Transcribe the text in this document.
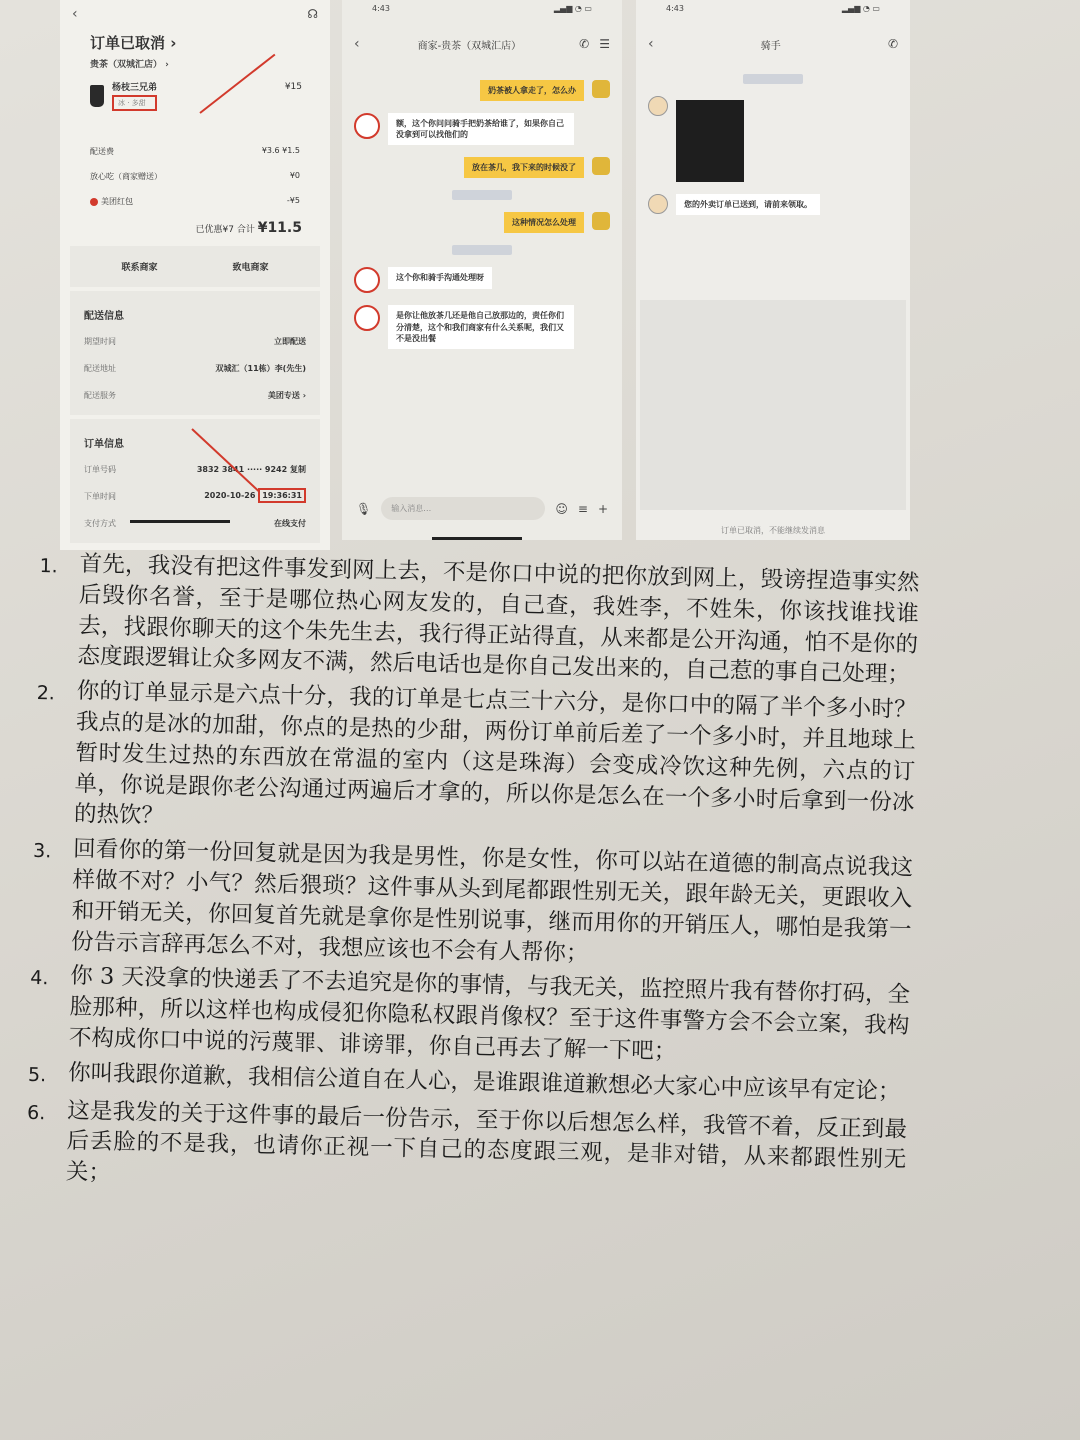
‹	☊
订单已取消 ›
贵茶（双城汇店） ›
杨枝三兄弟
冰 · 多甜
¥15
配送费	¥3.6 ¥1.5
放心吃（商家赠送）	¥0
美团红包	-¥5
已优惠¥7 合计 ¥11.5
联系商家	致电商家
配送信息
期望时间	立即配送
配送地址	双城汇（11栋）李(先生)
配送服务	美团专送 ›
订单信息
订单号码	3832 3841 ····· 9242 复制
下单时间	2020-10-26 19:36:31
支付方式	在线支付
4:43	▂▄▆ ◔ ▭
‹	商家-贵茶（双城汇店）	✆ ☰
奶茶被人拿走了，怎么办
额，这个你问问骑手把奶茶给谁了，如果你自己没拿到可以找他们的
放在茶几，我下来的时候没了
这种情况怎么处理
这个你和骑手沟通处理呀
是你让他放茶几还是他自己放那边的，责任你们分清楚，这个和我们商家有什么关系呢，我们又不是没出餐
🎙	输入消息…	☺ ≡ +
4:43	▂▄▆ ◔ ▭
‹	骑手	✆
您的外卖订单已送到，请前来领取。
订单已取消，不能继续发消息
1. 首先，我没有把这件事发到网上去，不是你口中说的把你放到网上，毁谤捏造事实然后毁你名誉，至于是哪位热心网友发的，自己查，我姓李，不姓朱，你该找谁找谁去，找跟你聊天的这个朱先生去，我行得正站得直，从来都是公开沟通，怕不是你的态度跟逻辑让众多网友不满，然后电话也是你自己发出来的，自己惹的事自己处理；
2. 你的订单显示是六点十分，我的订单是七点三十六分，是你口中的隔了半个多小时？我点的是冰的加甜，你点的是热的少甜，两份订单前后差了一个多小时，并且地球上暂时发生过热的东西放在常温的室内（这是珠海）会变成冷饮这种先例，六点的订单，你说是跟你老公沟通过两遍后才拿的，所以你是怎么在一个多小时后拿到一份冰的热饮？
3. 回看你的第一份回复就是因为我是男性，你是女性，你可以站在道德的制高点说我这样做不对？小气？然后猥琐？这件事从头到尾都跟性别无关，跟年龄无关，更跟收入和开销无关，你回复首先就是拿你是性别说事，继而用你的开销压人，哪怕是我第一份告示言辞再怎么不对，我想应该也不会有人帮你；
4. 你 3 天没拿的快递丢了不去追究是你的事情，与我无关，监控照片我有替你打码，全脸那种，所以这样也构成侵犯你隐私权跟肖像权？至于这件事警方会不会立案，我构不构成你口中说的污蔑罪、诽谤罪，你自己再去了解一下吧；
5. 你叫我跟你道歉，我相信公道自在人心，是谁跟谁道歉想必大家心中应该早有定论；
6. 这是我发的关于这件事的最后一份告示，至于你以后想怎么样，我管不着，反正到最后丢脸的不是我，也请你正视一下自己的态度跟三观，是非对错，从来都跟性别无关；
